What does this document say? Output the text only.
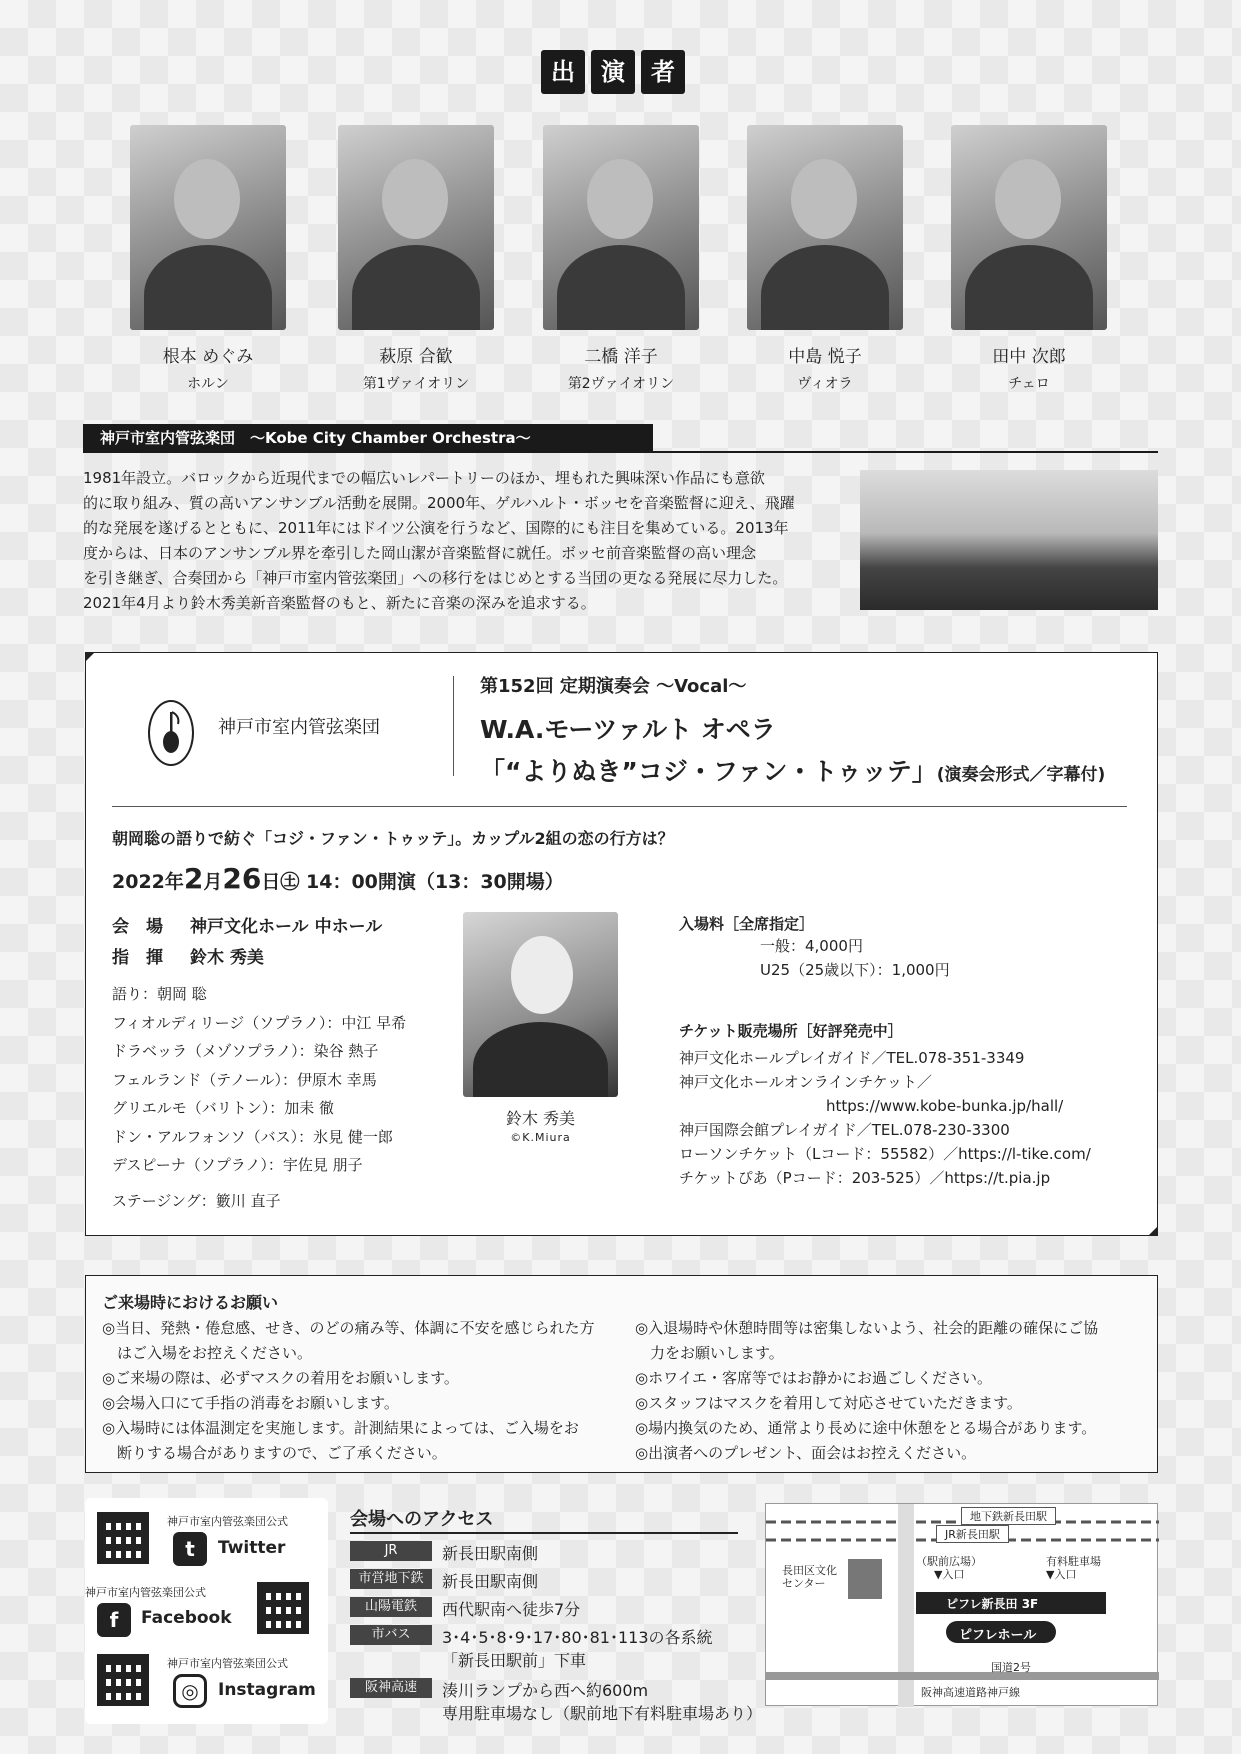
出	演	者
根本 めぐみ
ホルン
萩原 合歓
第1ヴァイオリン
二橋 洋子
第2ヴァイオリン
中島 悦子
ヴィオラ
田中 次郎
チェロ
神戸市室内管弦楽団　～Kobe City Chamber Orchestra～
1981年設立。バロックから近現代までの幅広いレパートリーのほか、埋もれた興味深い作品にも意欲
的に取り組み、質の高いアンサンブル活動を展開。2000年、ゲルハルト・ボッセを音楽監督に迎え、飛躍
的な発展を遂げるとともに、2011年にはドイツ公演を行うなど、国際的にも注目を集めている。2013年
度からは、日本のアンサンブル界を牽引した岡山潔が音楽監督に就任。ボッセ前音楽監督の高い理念
を引き継ぎ、合奏団から「神戸市室内管弦楽団」への移行をはじめとする当団の更なる発展に尽力した。
2021年4月より鈴木秀美新音楽監督のもと、新たに音楽の深みを追求する。
神戸市室内管弦楽団
第152回 定期演奏会 ～Vocal～
W.A.モーツァルト オペラ
「“よりぬき”コジ・ファン・トゥッテ」(演奏会形式／字幕付)
朝岡聡の語りで紡ぐ「コジ・ファン・トゥッテ」。カップル2組の恋の行方は？
2022年2月26日㊏ 14：00開演（13：30開場）
会　場 神戸文化ホール 中ホール
指　揮 鈴木 秀美
語り：朝岡 聡
フィオルディリージ（ソプラノ）：中江 早希
ドラベッラ（メゾソプラノ）：染谷 熱子
フェルランド（テノール）：伊原木 幸馬
グリエルモ（バリトン）：加耒 徹
ドン・アルフォンソ（バス）：氷見 健一郎
デスピーナ（ソプラノ）：宇佐見 朋子
ステージング：籔川 直子
鈴木 秀美
©K.Miura
入場料［全席指定］
一般：4,000円
U25（25歳以下）：1,000円
チケット販売場所［好評発売中］
神戸文化ホールプレイガイド／TEL.078-351-3349
神戸文化ホールオンラインチケット／
https://www.kobe-bunka.jp/hall/
神戸国際会館プレイガイド／TEL.078-230-3300
ローソンチケット（Lコード：55582）／https://l-tike.com/
チケットぴあ（Pコード：203-525）／https://t.pia.jp
ご来場時におけるお願い
◎当日、発熱・倦怠感、せき、のどの痛み等、体調に不安を感じられた方
　はご入場をお控えください。
◎ご来場の際は、必ずマスクの着用をお願いします。
◎会場入口にて手指の消毒をお願いします。
◎入場時には体温測定を実施します。計測結果によっては、ご入場をお
　断りする場合がありますので、ご了承ください。
◎入退場時や休憩時間等は密集しないよう、社会的距離の確保にご協
　力をお願いします。
◎ホワイエ・客席等ではお静かにお過ごしください。
◎スタッフはマスクを着用して対応させていただきます。
◎場内換気のため、通常より長めに途中休憩をとる場合があります。
◎出演者へのプレゼント、面会はお控えください。
神戸市室内管弦楽団公式
t	Twitter
神戸市室内管弦楽団公式
f	Facebook
神戸市室内管弦楽団公式
◎	Instagram
会場へのアクセス
JR	新長田駅南側
市営地下鉄	新長田駅南側
山陽電鉄	西代駅南へ徒歩7分
市バス	3･4･5･8･9･17･80･81･113の各系統
「新長田駅前」下車
阪神高速	湊川ランプから西へ約600m
専用駐車場なし（駅前地下有料駐車場あり）
地下鉄新長田駅
JR新長田駅
（駅前広場）
▼入口
有料駐車場
▼入口
長田区文化センター
ピフレ新長田 3F
ピフレホール
国道2号
阪神高速道路神戸線
